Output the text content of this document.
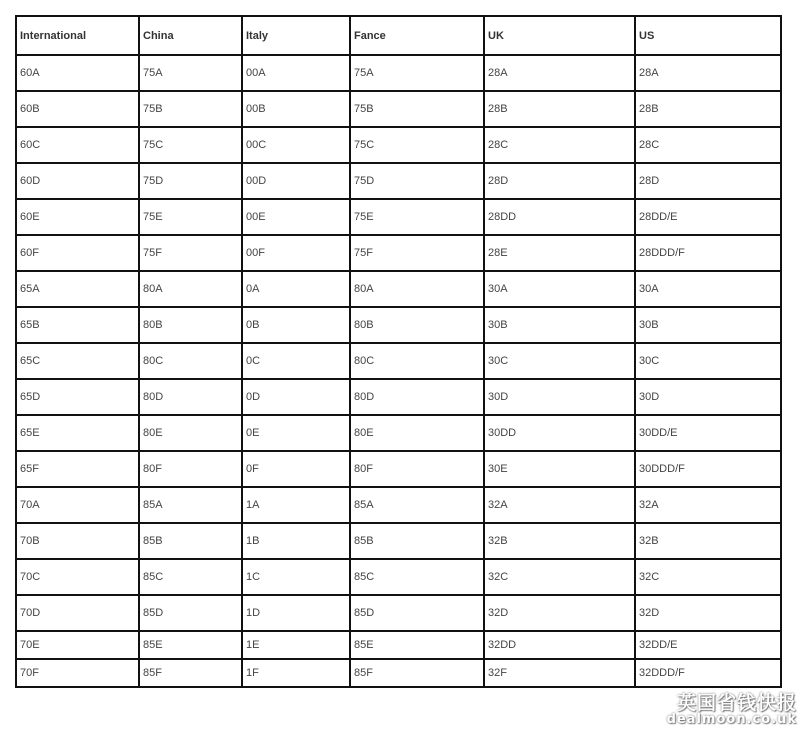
International	China	Italy	Fance	UK	US
60A	75A	00A	75A	28A	28A
60B	75B	00B	75B	28B	28B
60C	75C	00C	75C	28C	28C
60D	75D	00D	75D	28D	28D
60E	75E	00E	75E	28DD	28DD/E
60F	75F	00F	75F	28E	28DDD/F
65A	80A	0A	80A	30A	30A
65B	80B	0B	80B	30B	30B
65C	80C	0C	80C	30C	30C
65D	80D	0D	80D	30D	30D
65E	80E	0E	80E	30DD	30DD/E
65F	80F	0F	80F	30E	30DDD/F
70A	85A	1A	85A	32A	32A
70B	85B	1B	85B	32B	32B
70C	85C	1C	85C	32C	32C
70D	85D	1D	85D	32D	32D
70E	85E	1E	85E	32DD	32DD/E
70F	85F	1F	85F	32F	32DDD/F
英国省钱快报
dealmoon.co.uk
